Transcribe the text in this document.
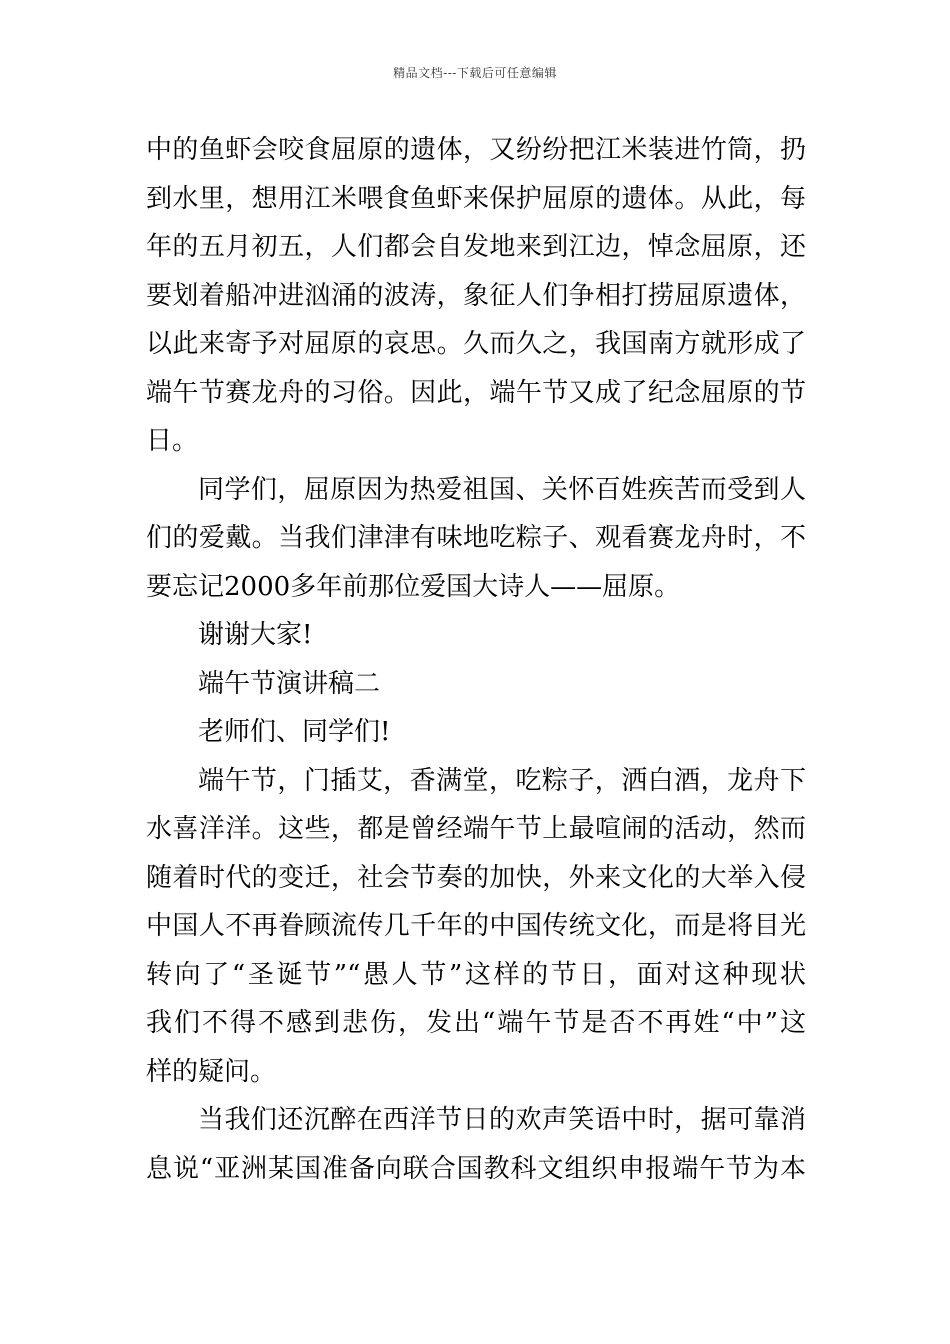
精品文档---下载后可任意编辑
中的鱼虾会咬食屈原的遗体，又纷纷把江米装进竹筒，扔
到水里，想用江米喂食鱼虾来保护屈原的遗体。从此，每
年的五月初五，人们都会自发地来到江边，悼念屈原，还
要划着船冲进汹涌的波涛，象征人们争相打捞屈原遗体，
以此来寄予对屈原的哀思。久而久之，我国南方就形成了
端午节赛龙舟的习俗。因此，端午节又成了纪念屈原的节
日。
同学们，屈原因为热爱祖国、关怀百姓疾苦而受到人
们的爱戴。当我们津津有味地吃粽子、观看赛龙舟时，不
要忘记2000多年前那位爱国大诗人——屈原。
谢谢大家!
端午节演讲稿二
老师们、同学们!
端午节，门插艾，香满堂，吃粽子，洒白酒，龙舟下
水喜洋洋。这些，都是曾经端午节上最喧闹的活动，然而
随着时代的变迁，社会节奏的加快，外来文化的大举入侵
中国人不再眷顾流传几千年的中国传统文化，而是将目光
转向了“圣诞节”“愚人节”这样的节日，面对这种现状
我们不得不感到悲伤，发出“端午节是否不再姓“中”这
样的疑问。
当我们还沉醉在西洋节日的欢声笑语中时，据可靠消
息说“亚洲某国准备向联合国教科文组织申报端午节为本
